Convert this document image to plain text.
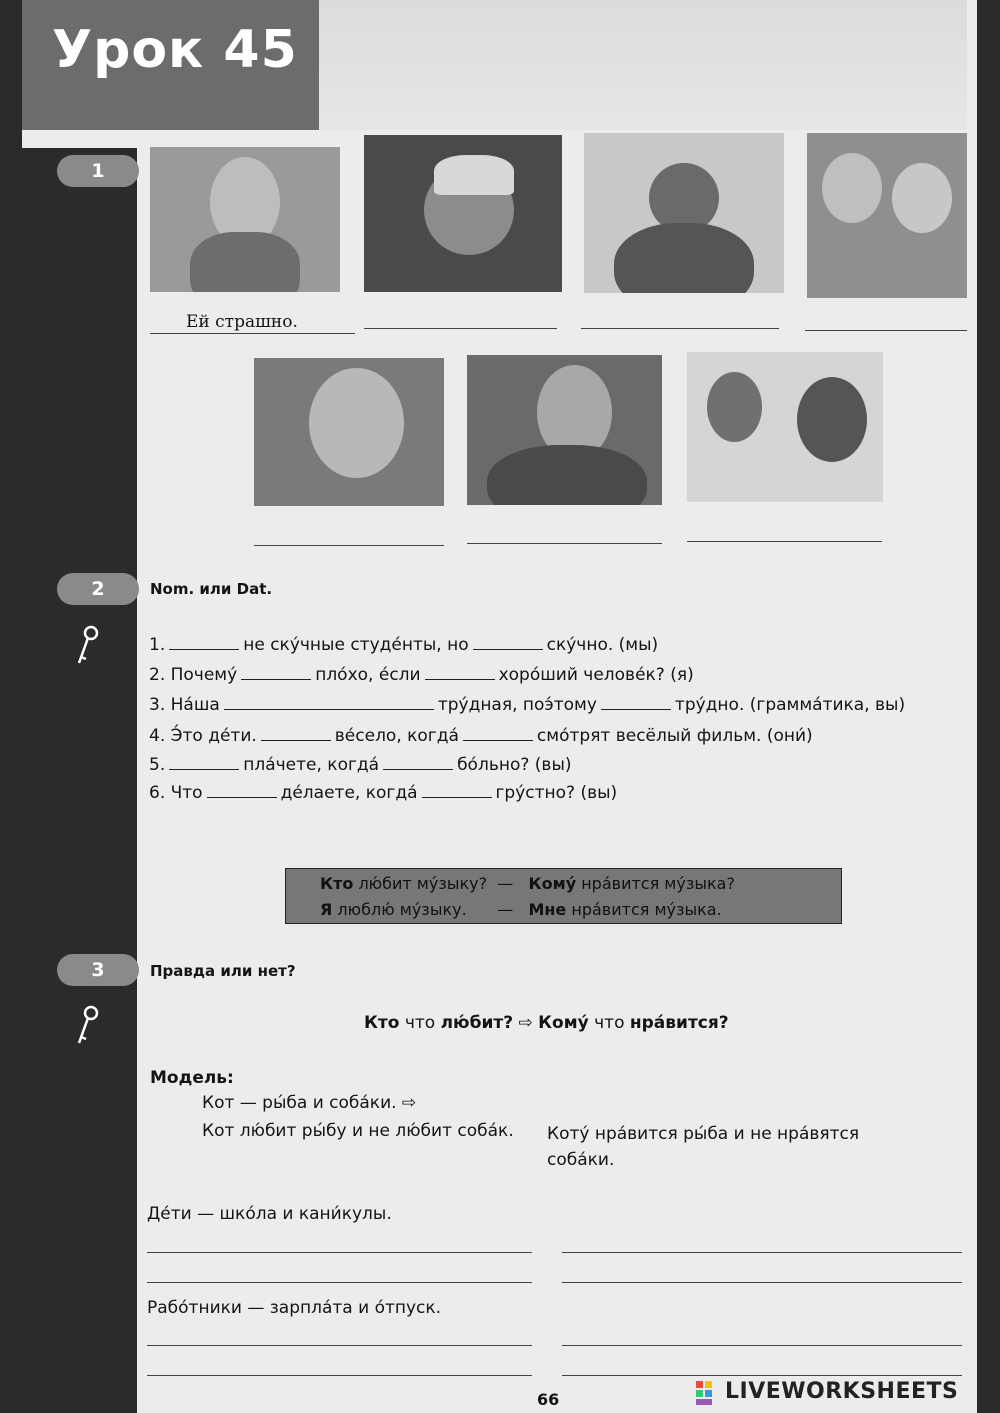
Урок 45
1
Ей страшно.
2	Nom. или Dat.
1.	не ску́чные студе́нты, но	ску́чно. (мы)
2. Почему́	пло́хо, е́сли	хоро́ший челове́к? (я)
3. На́ша	тру́дная, поэ́тому	тру́дно. (грамма́тика, вы)
4. Э́то де́ти.	ве́село, когда́	смо́трят весёлый фильм. (они́)
5.	пла́чете, когда́	бо́льно? (вы)
6. Что	де́лаете, когда́	гру́стно? (вы)
Кто лю́бит му́зыку? — Кому́ нра́вится му́зыка?
Я люблю́ му́зыку. — Мне нра́вится му́зыка.
3	Правда или нет?
Кто что лю́бит? ⇨ Кому́ что нра́вится?
Модель:
Кот — ры́ба и соба́ки. ⇨
Кот лю́бит ры́бу и не лю́бит соба́к. Коту́ нра́вится ры́ба и не нра́вятся
соба́ки.
Де́ти — шко́ла и кани́кулы.
Рабо́тники — зарпла́та и о́тпуск.
66	LIVEWORKSHEETS
